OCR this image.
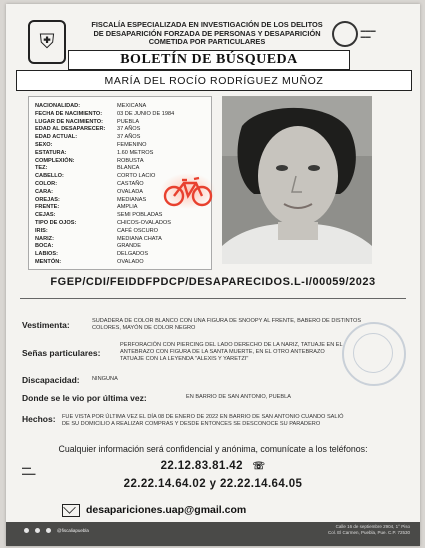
⛨
FISCALÍA ESPECIALIZADA EN INVESTIGACIÓN DE LOS DELITOS
DE DESAPARICIÓN FORZADA DE PERSONAS Y DESAPARICIÓN
COMETIDA POR PARTICULARES
▬▬▬
▬▬
BOLETÍN DE BÚSQUEDA
MARÍA DEL ROCÍO RODRÍGUEZ MUÑOZ
NACIONALIDAD:	MEXICANA
FECHA DE NACIMIENTO:	03 DE JUNIO DE 1984
LUGAR DE NACIMIENTO:	PUEBLA
EDAD AL DESAPARECER: 37 AÑOS
EDAD ACTUAL:	37 AÑOS
SEXO:	FEMENINO
ESTATURA:	1.60 METROS
COMPLEXIÓN:	ROBUSTA
TEZ:	BLANCA
CABELLO:	CORTO LACIO
COLOR:	CASTAÑO
CARA:	OVALADA
OREJAS:	MEDIANAS
FRENTE:	AMPLIA
CEJAS:	SEMI POBLADAS
TIPO DE OJOS:	CHICOS-OVALADOS
IRIS:	CAFÉ OSCURO
NARIZ:	MEDIANA CHATA
BOCA:	GRANDE
LABIOS:	DELGADOS
MENTÓN:	OVALADO
FGEP/CDI/FEIDDFPDCP/DESAPARECIDOS.L-I/00059/2023
Vestimenta:	SUDADERA DE COLOR BLANCO CON UNA FIGURA DE SNOOPY AL FRENTE, BABERO DE DISTINTOS
COLORES, MAYÓN DE COLOR NEGRO
Señas particulares:
PERFORACIÓN CON PIERCING DEL LADO DERECHO DE LA NARIZ, TATUAJE EN EL
ANTEBRAZO CON FIGURA DE LA SANTA MUERTE, EN EL OTRO ANTEBRAZO
TATUAJE CON LA LEYENDA "ALEXIS Y YARETZI"
Discapacidad: NINGUNA
Donde se le vio por última vez:	EN BARRIO DE SAN ANTONIO, PUEBLA
Hechos: FUE VISTA POR ÚLTIMA VEZ EL DÍA 08 DE ENERO DE 2022 EN BARRIO DE SAN ANTONIO CUANDO SALIÓ
DE SU DOMICILIO A REALIZAR COMPRAS Y DESDE ENTONCES SE DESCONOCE SU PARADERO
Cualquier información será confidencial y anónima, comunícate a los teléfonos:
22.12.83.81.42 ☏
22.22.14.64.02 y 22.22.14.64.05
▬▬
▬▬▬
desapariciones.uap@gmail.com
@fiscaliapuebla
Calle 16 de septiembre 2904, 1° Piso
Col. El Carmen, Puebla, Pue. C.P. 72530
